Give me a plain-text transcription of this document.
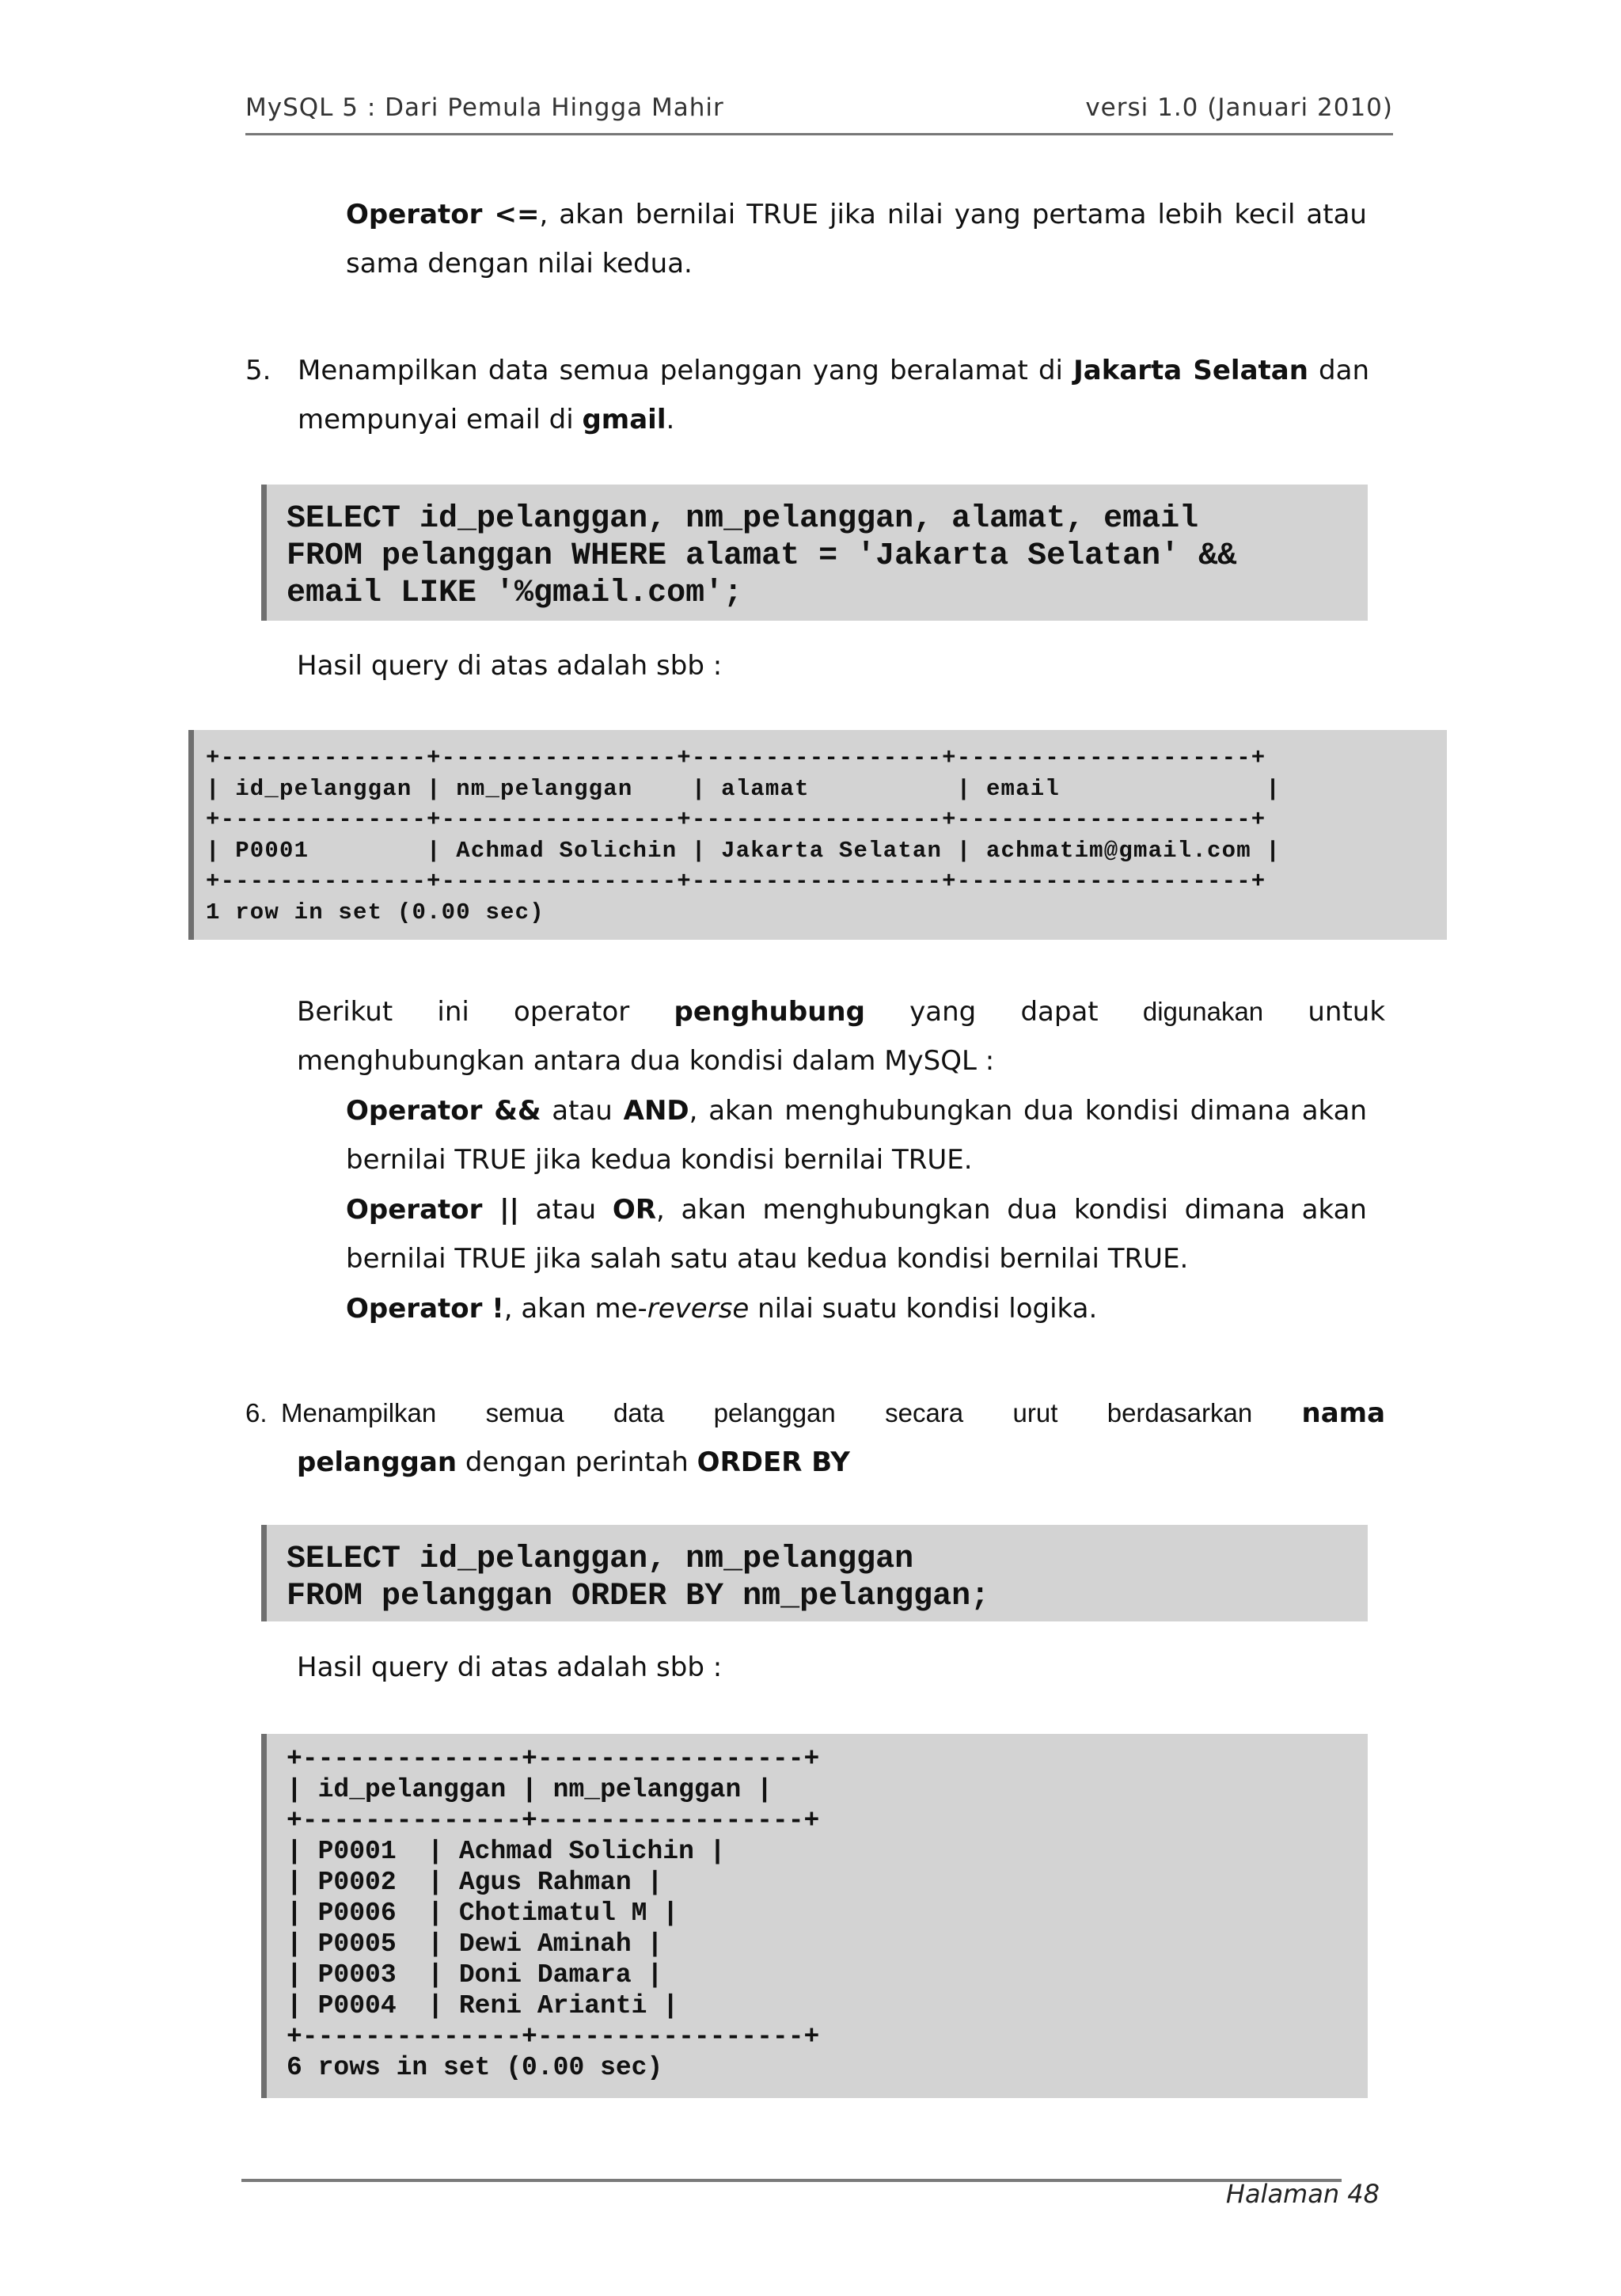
MySQL 5 : Dari Pemula Hingga Mahir	versi 1.0 (Januari 2010)

Operator <=, akan bernilai TRUE jika nilai yang pertama lebih kecil atau sama dengan nilai kedua.

5. Menampilkan data semua pelanggan yang beralamat di Jakarta Selatan dan mempunyai email di gmail.
SELECT id_pelanggan, nm_pelanggan, alamat, email
FROM pelanggan WHERE alamat = 'Jakarta Selatan' &&
email LIKE '%gmail.com';

Hasil query di atas adalah sbb :

+--------------+----------------+-----------------+--------------------+
| id_pelanggan | nm_pelanggan    | alamat          | email              |
+--------------+----------------+-----------------+--------------------+
| P0001        | Achmad Solichin | Jakarta Selatan | achmatim@gmail.com |
+--------------+----------------+-----------------+--------------------+
1 row in set (0.00 sec)
Berikut ini operator penghubung yang dapat digunakan untuk
menghubungkan antara dua kondisi dalam MySQL :

Operator && atau AND, akan menghubungkan dua kondisi dimana akan bernilai TRUE jika kedua kondisi bernilai TRUE.

Operator || atau OR, akan menghubungkan dua kondisi dimana akan bernilai TRUE jika salah satu atau kedua kondisi bernilai TRUE.

Operator !, akan me-reverse nilai suatu kondisi logika.

6. Menampilkan semua data pelanggan secara urut berdasarkan nama
pelanggan dengan perintah ORDER BY
SELECT id_pelanggan, nm_pelanggan
FROM pelanggan ORDER BY nm_pelanggan;

Hasil query di atas adalah sbb :

+--------------+-----------------+
| id_pelanggan | nm_pelanggan |
+--------------+-----------------+
| P0001  | Achmad Solichin |
| P0002  | Agus Rahman |
| P0006  | Chotimatul M |
| P0005  | Dewi Aminah |
| P0003  | Doni Damara |
| P0004  | Reni Arianti |
+--------------+-----------------+
6 rows in set (0.00 sec)
Halaman 48
